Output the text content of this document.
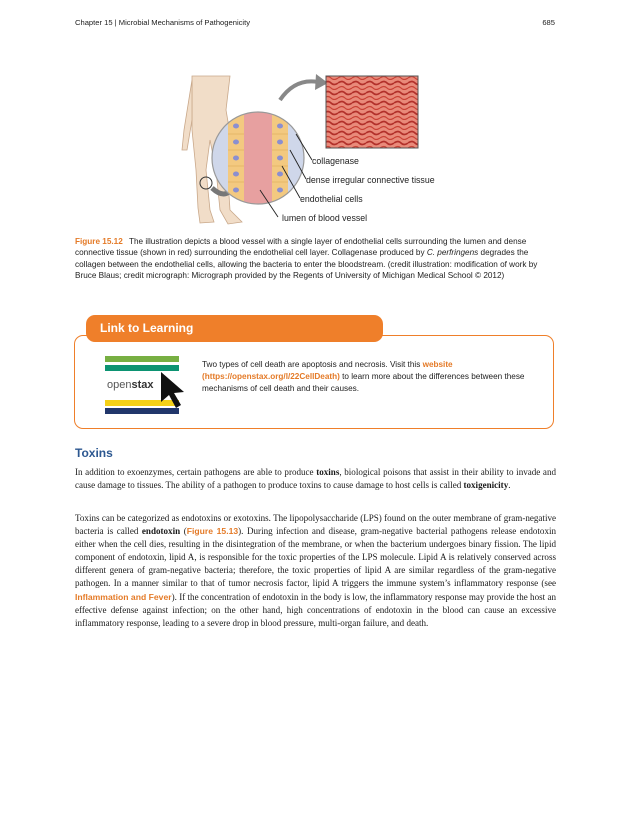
Chapter 15 | Microbial Mechanisms of Pathogenicity	685
collagenase
dense irregular connective tissue
endothelial cells
lumen of blood vessel
Figure 15.12 The illustration depicts a blood vessel with a single layer of endothelial cells surrounding the lumen and dense connective tissue (shown in red) surrounding the endothelial cell layer. Collagenase produced by C. perfringens degrades the collagen between the endothelial cells, allowing the bacteria to enter the bloodstream. (credit illustration: modification of work by Bruce Blaus; credit micrograph: Micrograph provided by the Regents of University of Michigan Medical School © 2012)
Link to Learning
openstax
Two types of cell death are apoptosis and necrosis. Visit this website (https://openstax.org/l/22CellDeath) to learn more about the differences between these mechanisms of cell death and their causes.
Toxins
In addition to exoenzymes, certain pathogens are able to produce toxins, biological poisons that assist in their ability to invade and cause damage to tissues. The ability of a pathogen to produce toxins to cause damage to host cells is called toxigenicity.
Toxins can be categorized as endotoxins or exotoxins. The lipopolysaccharide (LPS) found on the outer membrane of gram-negative bacteria is called endotoxin (Figure 15.13). During infection and disease, gram-negative bacterial pathogens release endotoxin either when the cell dies, resulting in the disintegration of the membrane, or when the bacterium undergoes binary fission. The lipid component of endotoxin, lipid A, is responsible for the toxic properties of the LPS molecule. Lipid A is relatively conserved across different genera of gram-negative bacteria; therefore, the toxic properties of lipid A are similar regardless of the gram-negative pathogen. In a manner similar to that of tumor necrosis factor, lipid A triggers the immune system’s inflammatory response (see Inflammation and Fever). If the concentration of endotoxin in the body is low, the inflammatory response may provide the host an effective defense against infection; on the other hand, high concentrations of endotoxin in the blood can cause an excessive inflammatory response, leading to a severe drop in blood pressure, multi-organ failure, and death.
